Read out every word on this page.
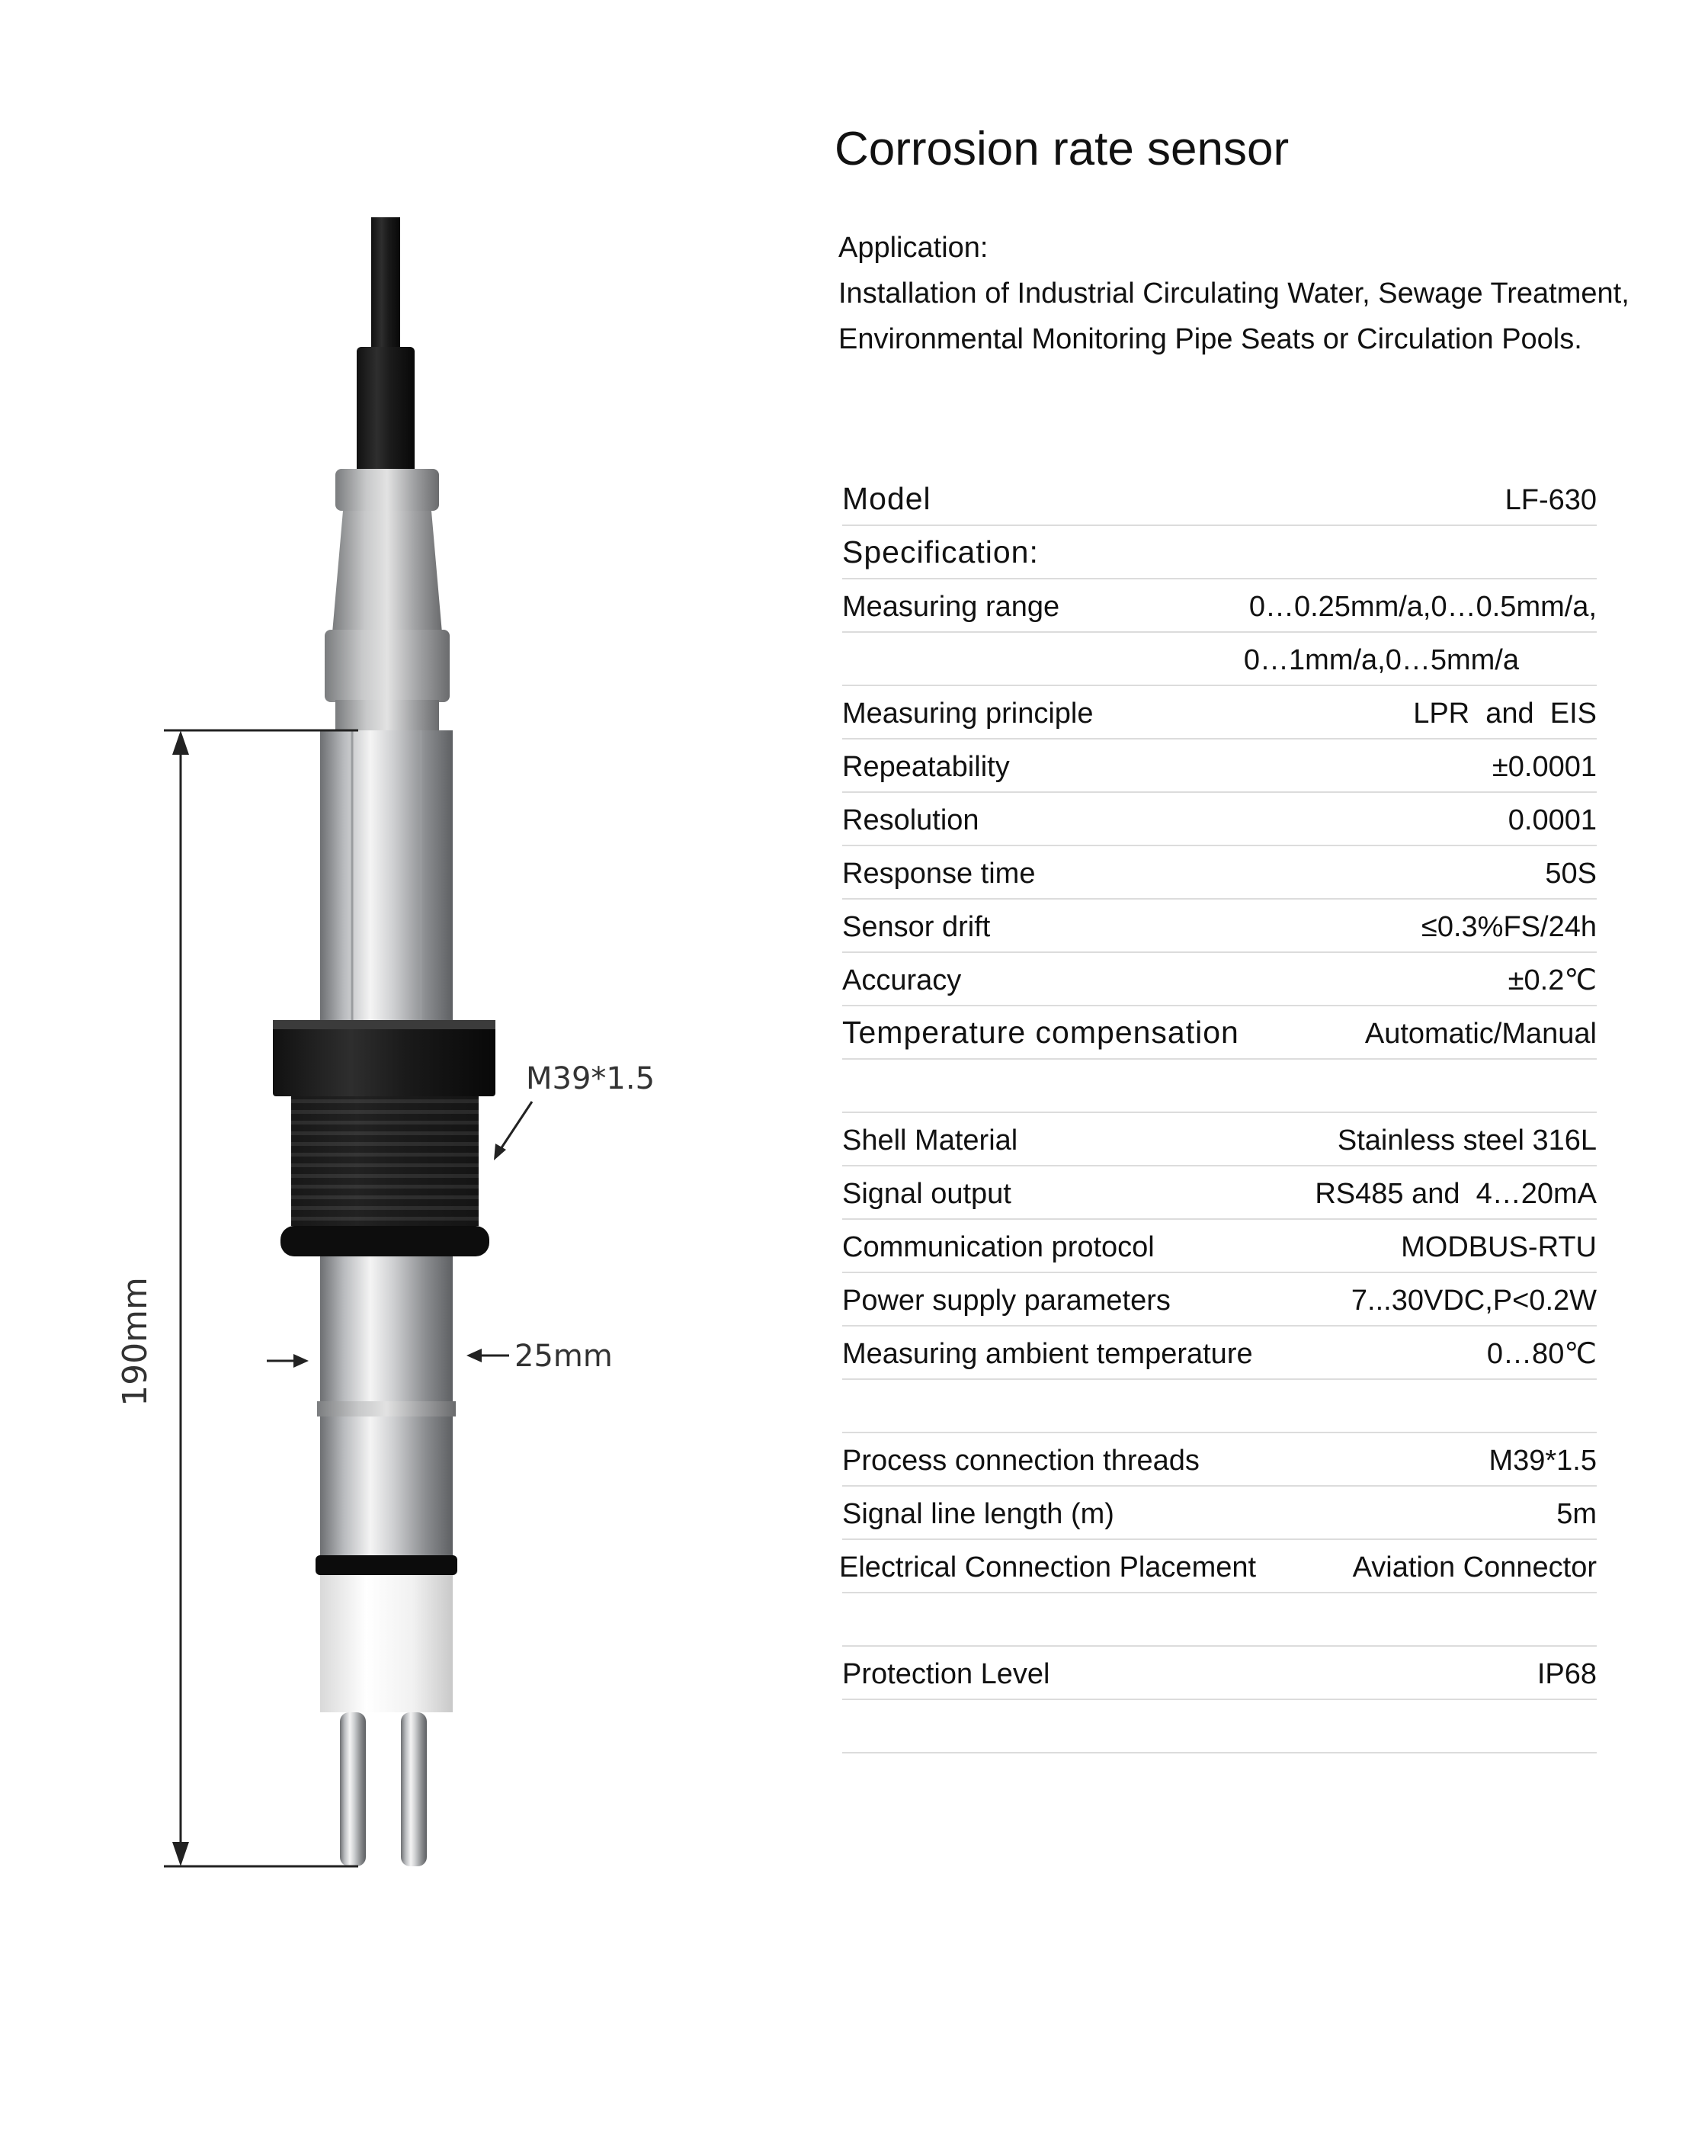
190mm	25mm
M39*1.5
Corrosion rate sensor
Application:
Installation of Industrial Circulating Water, Sewage Treatment,
Environmental Monitoring Pipe Seats or Circulation Pools.
Model	LF-630
Specification:
Measuring range	0…0.25mm/a,0…0.5mm/a,
0…1mm/a,0…5mm/a
Measuring principle	LPR  and  EIS
Repeatability	±0.0001
Resolution	0.0001
Response time	50S
Sensor drift	≤0.3%FS/24h
Accuracy	±0.2℃
Temperature compensation	Automatic/Manual
Shell Material	Stainless steel 316L
Signal output	RS485 and  4…20mA
Communication protocol	MODBUS-RTU
Power supply parameters	7...30VDC,P<0.2W
Measuring ambient temperature	0…80℃
Process connection threads	M39*1.5
Signal line length (m)	5m
Electrical Connection Placement	Aviation Connector
Protection Level	IP68
